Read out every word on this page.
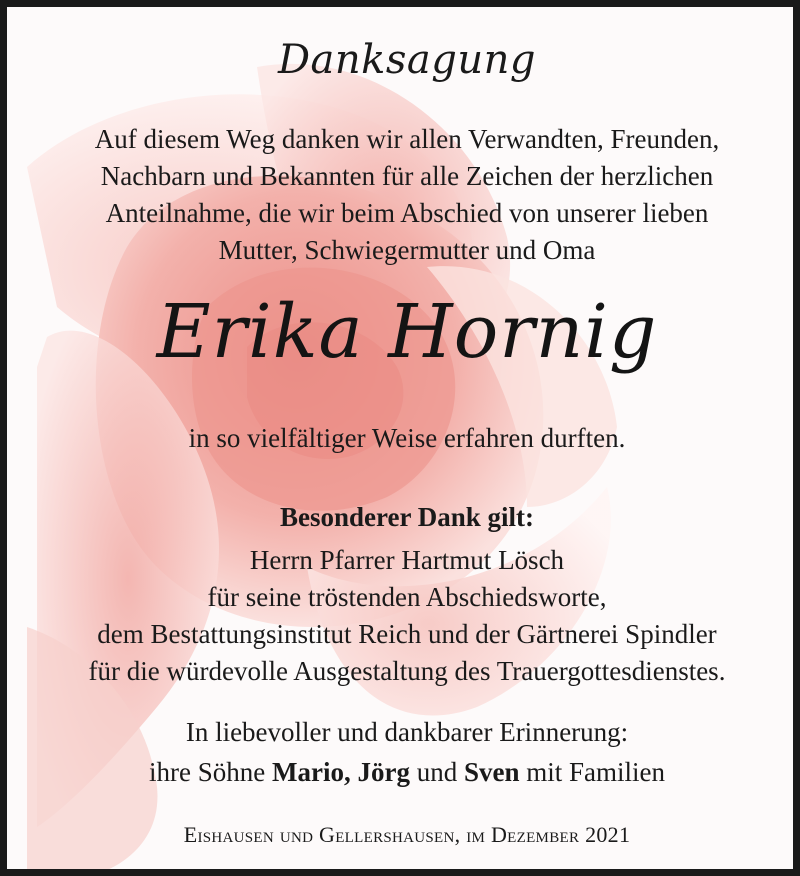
Danksagung
Auf diesem Weg danken wir allen Verwandten, Freunden,
Nachbarn und Bekannten für alle Zeichen der herzlichen
Anteilnahme, die wir beim Abschied von unserer lieben
Mutter, Schwiegermutter und Oma
Erika Hornig
in so vielfältiger Weise erfahren durften.
Besonderer Dank gilt:
Herrn Pfarrer Hartmut Lösch
für seine tröstenden Abschiedsworte,
dem Bestattungsinstitut Reich und der Gärtnerei Spindler
für die würdevolle Ausgestaltung des Trauergottesdienstes.
In liebevoller und dankbarer Erinnerung:
ihre Söhne Mario, Jörg und Sven mit Familien
Eishausen und Gellershausen, im Dezember 2021
